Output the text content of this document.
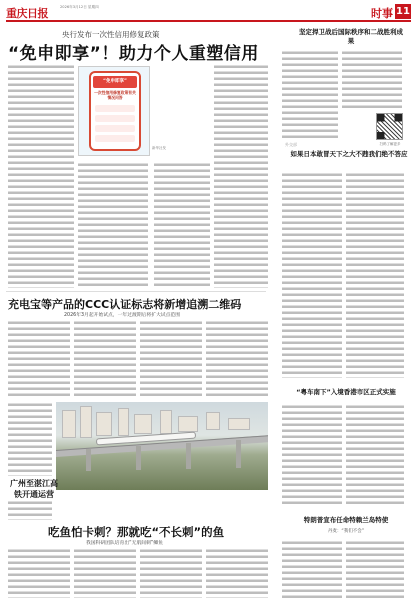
重庆日报	2026年3月12日 星期四	时事 11
央行发布一次性信用修复政策
“免申即享”！助力个人重塑信用
“免申即享”
一次性信用修复政策有关情况问答
新华社发
充电宝等产品的CCC认证标志将新增追溯二维码
2026年3月起开始试点，一年过渡期后将扩大试点范围
广州至湛江高铁开通运营
吃鱼怕卡刺？那就吃“不长刺”的鱼
我国科研团队培育出“无肌间刺”鲫鱼
坚定捍卫战后国际秩序和二战胜利成果
扫码了解更多
外交部
如果日本敢冒天下之大不韪我们绝不答应
“粤车南下”入境香港市区正式实施
特朗普宣布任命特赖兰岛特使
丹麦：“我们不会”
